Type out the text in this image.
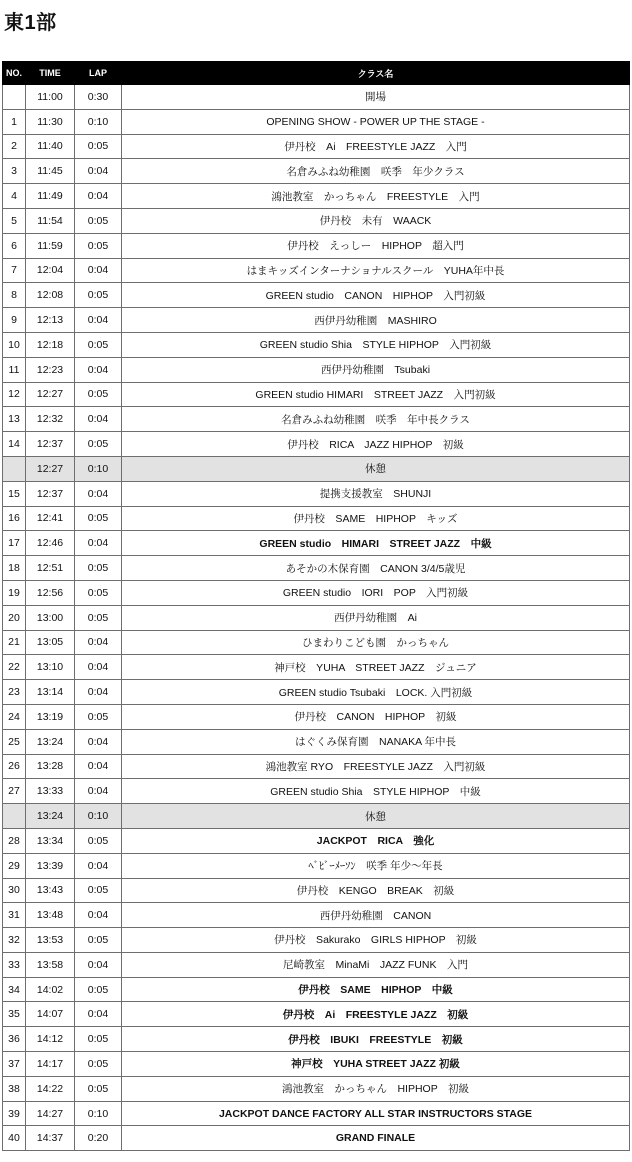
東1部
NO.	TIME	LAP	クラス名
	11:00	0:30	開場
1	11:30	0:10	OPENING SHOW - POWER UP THE STAGE -
2	11:40	0:05	伊丹校　Ai　FREESTYLE JAZZ　入門
3	11:45	0:04	名倉みふね幼稚園　咲季　年少クラス
4	11:49	0:04	鴻池教室　かっちゃん　FREESTYLE　入門
5	11:54	0:05	伊丹校　未有　WAACK
6	11:59	0:05	伊丹校　えっしー　HIPHOP　超入門
7	12:04	0:04	はまキッズインターナショナルスクール　YUHA年中長
8	12:08	0:05	GREEN studio　CANON　HIPHOP　入門初級
9	12:13	0:04	西伊丹幼稚園　MASHIRO
10	12:18	0:05	GREEN studio Shia　STYLE HIPHOP　入門初級
11	12:23	0:04	西伊丹幼稚園　Tsubaki
12	12:27	0:05	GREEN studio HIMARI　STREET JAZZ　入門初級
13	12:32	0:04	名倉みふね幼稚園　咲季　年中長クラス
14	12:37	0:05	伊丹校　RICA　JAZZ HIPHOP　初級
	12:27	0:10	休憩
15	12:37	0:04	提携支援教室　SHUNJI
16	12:41	0:05	伊丹校　SAME　HIPHOP　キッズ
17	12:46	0:04	GREEN studio　HIMARI　STREET JAZZ　中級
18	12:51	0:05	あそかの木保育園　CANON 3/4/5歳児
19	12:56	0:05	GREEN studio　IORI　POP　入門初級
20	13:00	0:05	西伊丹幼稚園　Ai
21	13:05	0:04	ひまわりこども園　かっちゃん
22	13:10	0:04	神戸校　YUHA　STREET JAZZ　ジュニア
23	13:14	0:04	GREEN studio Tsubaki　LOCK. 入門初級
24	13:19	0:05	伊丹校　CANON　HIPHOP　初級
25	13:24	0:04	はぐくみ保育園　NANAKA 年中長
26	13:28	0:04	鴻池教室 RYO　FREESTYLE JAZZ　入門初級
27	13:33	0:04	GREEN studio Shia　STYLE HIPHOP　中級
	13:24	0:10	休憩
28	13:34	0:05	JACKPOT　RICA　強化
29	13:39	0:04	ﾍﾞﾋﾞｰﾒｰｿﾝ　咲季 年少〜年長
30	13:43	0:05	伊丹校　KENGO　BREAK　初級
31	13:48	0:04	西伊丹幼稚園　CANON
32	13:53	0:05	伊丹校　Sakurako　GIRLS HIPHOP　初級
33	13:58	0:04	尼崎教室　MinaMi　JAZZ FUNK　入門
34	14:02	0:05	伊丹校　SAME　HIPHOP　中級
35	14:07	0:04	伊丹校　Ai　FREESTYLE JAZZ　初級
36	14:12	0:05	伊丹校　IBUKI　FREESTYLE　初級
37	14:17	0:05	神戸校　YUHA STREET JAZZ 初級
38	14:22	0:05	鴻池教室　かっちゃん　HIPHOP　初級
39	14:27	0:10	JACKPOT DANCE FACTORY ALL STAR INSTRUCTORS STAGE
40	14:37	0:20	GRAND FINALE
